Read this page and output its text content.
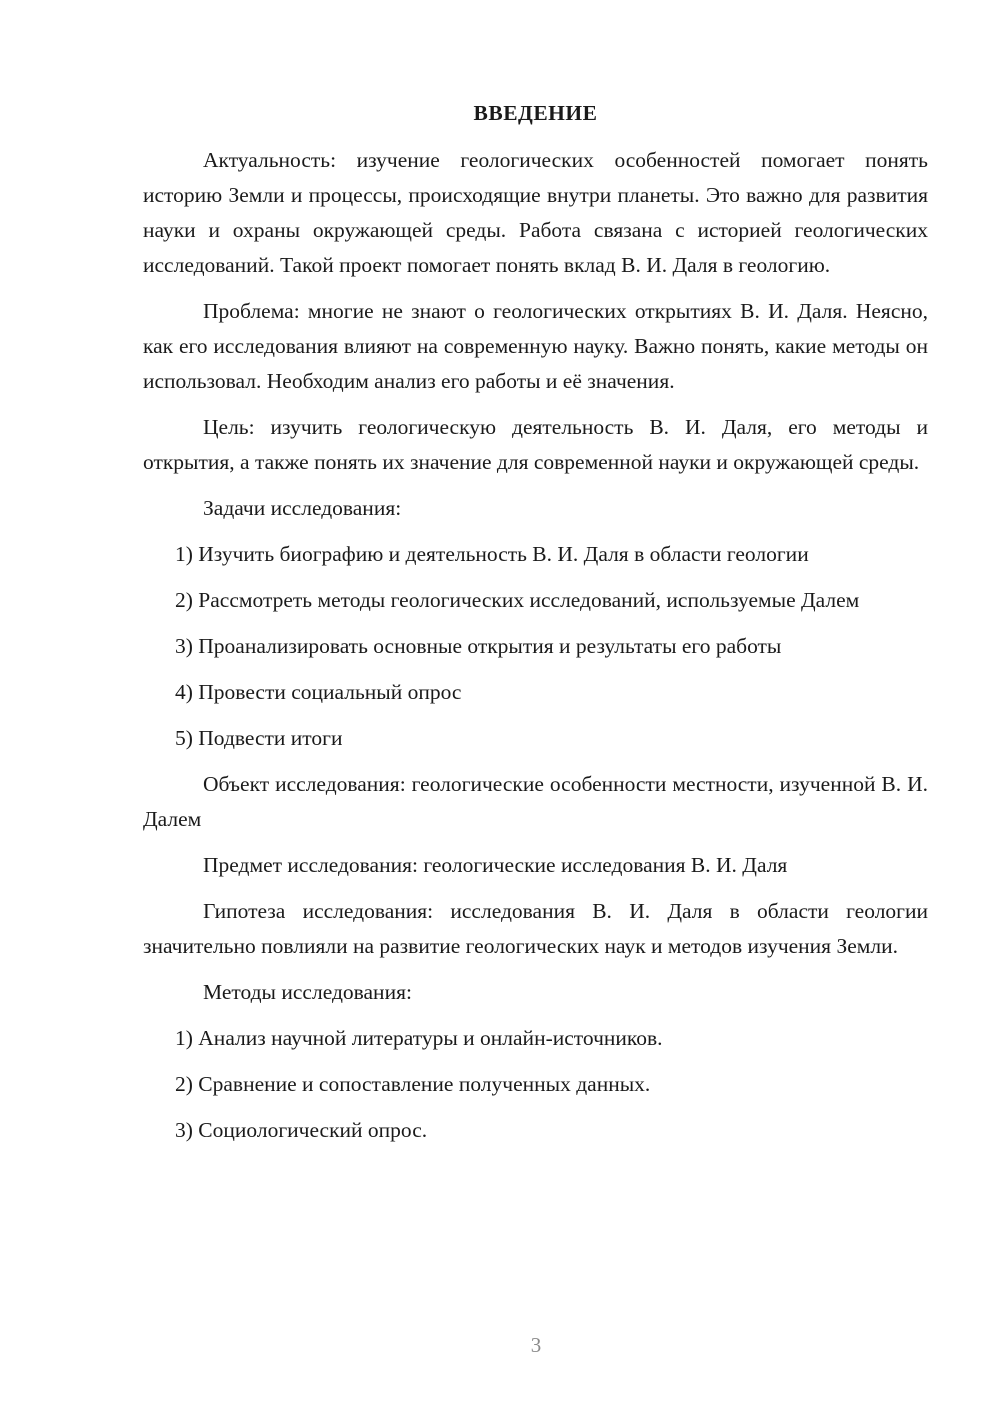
ВВЕДЕНИЕ

Актуальность: изучение геологических особенностей помогает понять историю Земли и процессы, происходящие внутри планеты. Это важно для развития науки и охраны окружающей среды. Работа связана с историей геологических исследований. Такой проект помогает понять вклад В. И. Даля в геологию.

Проблема: многие не знают о геологических открытиях В. И. Даля. Неясно, как его исследования влияют на современную науку. Важно понять, какие методы он использовал. Необходим анализ его работы и её значения.

Цель: изучить геологическую деятельность В. И. Даля, его методы и открытия, а также понять их значение для современной науки и окружающей среды.

Задачи исследования:

1) Изучить биографию и деятельность В. И. Даля в области геологии

2) Рассмотреть методы геологических исследований, используемые Далем

3) Проанализировать основные открытия и результаты его работы

4) Провести социальный опрос

5) Подвести итоги

Объект исследования: геологические особенности местности, изученной В. И. Далем

Предмет исследования: геологические исследования В. И. Даля

Гипотеза исследования: исследования В. И. Даля в области геологии значительно повлияли на развитие геологических наук и методов изучения Земли.

Методы исследования:

1) Анализ научной литературы и онлайн-источников.

2) Сравнение и сопоставление полученных данных.

3) Социологический опрос.

3
